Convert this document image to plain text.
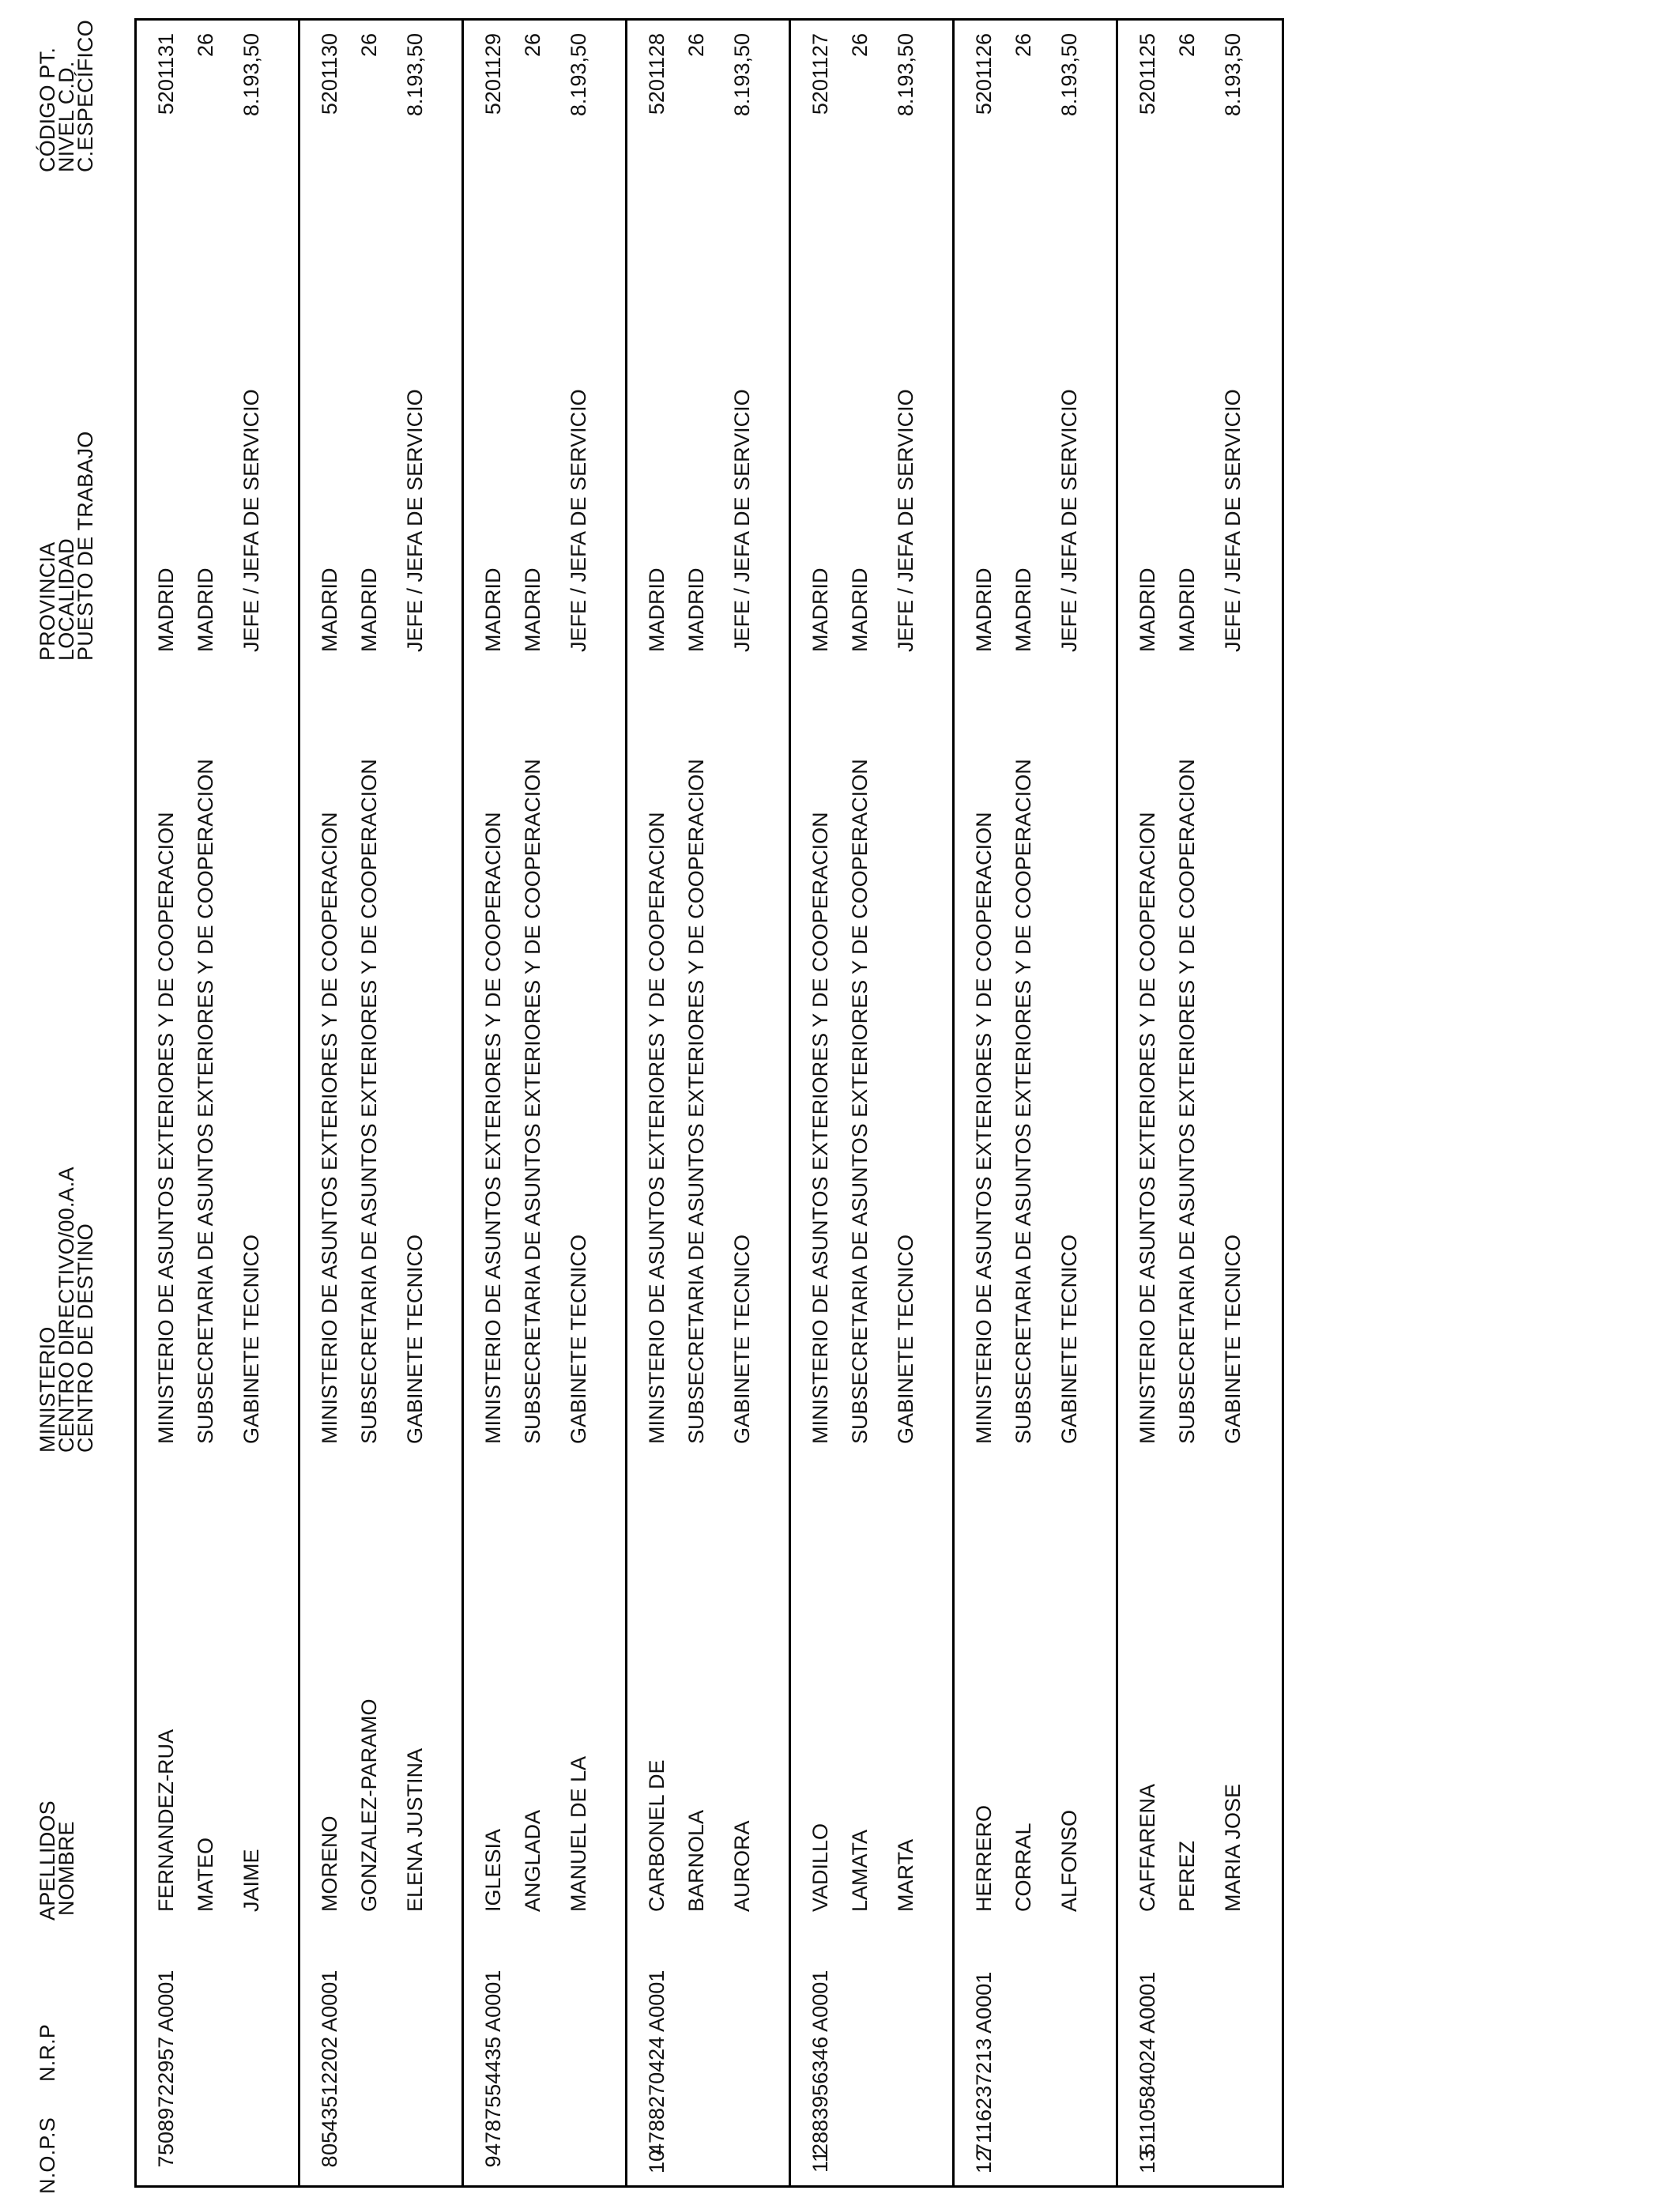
N.O.P.S
N.R.P
APELLIDOS
NOMBRE
MINISTERIO
CENTRO DIRECTIVO/00.A.A
CENTRO DE DESTINO
PROVINCIA
LOCALIDAD
PUESTO DE TRABAJO
CÓDIGO PT.
NIVEL C.D.
C.ESPECÍFICO
7
5089722957 A0001
FERNANDEZ-RUA MATEO JAIME
MINISTERIO DE ASUNTOS EXTERIORES Y DE COOPERACION SUBSECRETARIA DE ASUNTOS EXTERIORES Y DE COOPERACION GABINETE TECNICO
MADRID MADRID JEFE / JEFA DE SERVICIO
5201131 26 8.193,50
8
0543512202 A0001
MORENO GONZALEZ-PARAMO ELENA JUSTINA
MINISTERIO DE ASUNTOS EXTERIORES Y DE COOPERACION SUBSECRETARIA DE ASUNTOS EXTERIORES Y DE COOPERACION GABINETE TECNICO
MADRID MADRID JEFE / JEFA DE SERVICIO
5201130 26 8.193,50
9
4787554435 A0001
IGLESIA ANGLADA MANUEL DE LA
MINISTERIO DE ASUNTOS EXTERIORES Y DE COOPERACION SUBSECRETARIA DE ASUNTOS EXTERIORES Y DE COOPERACION GABINETE TECNICO
MADRID MADRID JEFE / JEFA DE SERVICIO
5201129 26 8.193,50
10
4788270424 A0001
CARBONEL DE BARNOLA AURORA
MINISTERIO DE ASUNTOS EXTERIORES Y DE COOPERACION SUBSECRETARIA DE ASUNTOS EXTERIORES Y DE COOPERACION GABINETE TECNICO
MADRID MADRID JEFE / JEFA DE SERVICIO
5201128 26 8.193,50
11
2883956346 A0001
VADILLO LAMATA MARTA
MINISTERIO DE ASUNTOS EXTERIORES Y DE COOPERACION SUBSECRETARIA DE ASUNTOS EXTERIORES Y DE COOPERACION GABINETE TECNICO
MADRID MADRID JEFE / JEFA DE SERVICIO
5201127 26 8.193,50
12
7116237213 A0001
HERRERO CORRAL ALFONSO
MINISTERIO DE ASUNTOS EXTERIORES Y DE COOPERACION SUBSECRETARIA DE ASUNTOS EXTERIORES Y DE COOPERACION GABINETE TECNICO
MADRID MADRID JEFE / JEFA DE SERVICIO
5201126 26 8.193,50
13
5110584024 A0001
CAFFARENA PEREZ MARIA JOSE
MINISTERIO DE ASUNTOS EXTERIORES Y DE COOPERACION SUBSECRETARIA DE ASUNTOS EXTERIORES Y DE COOPERACION GABINETE TECNICO
MADRID MADRID JEFE / JEFA DE SERVICIO
5201125 26 8.193,50
